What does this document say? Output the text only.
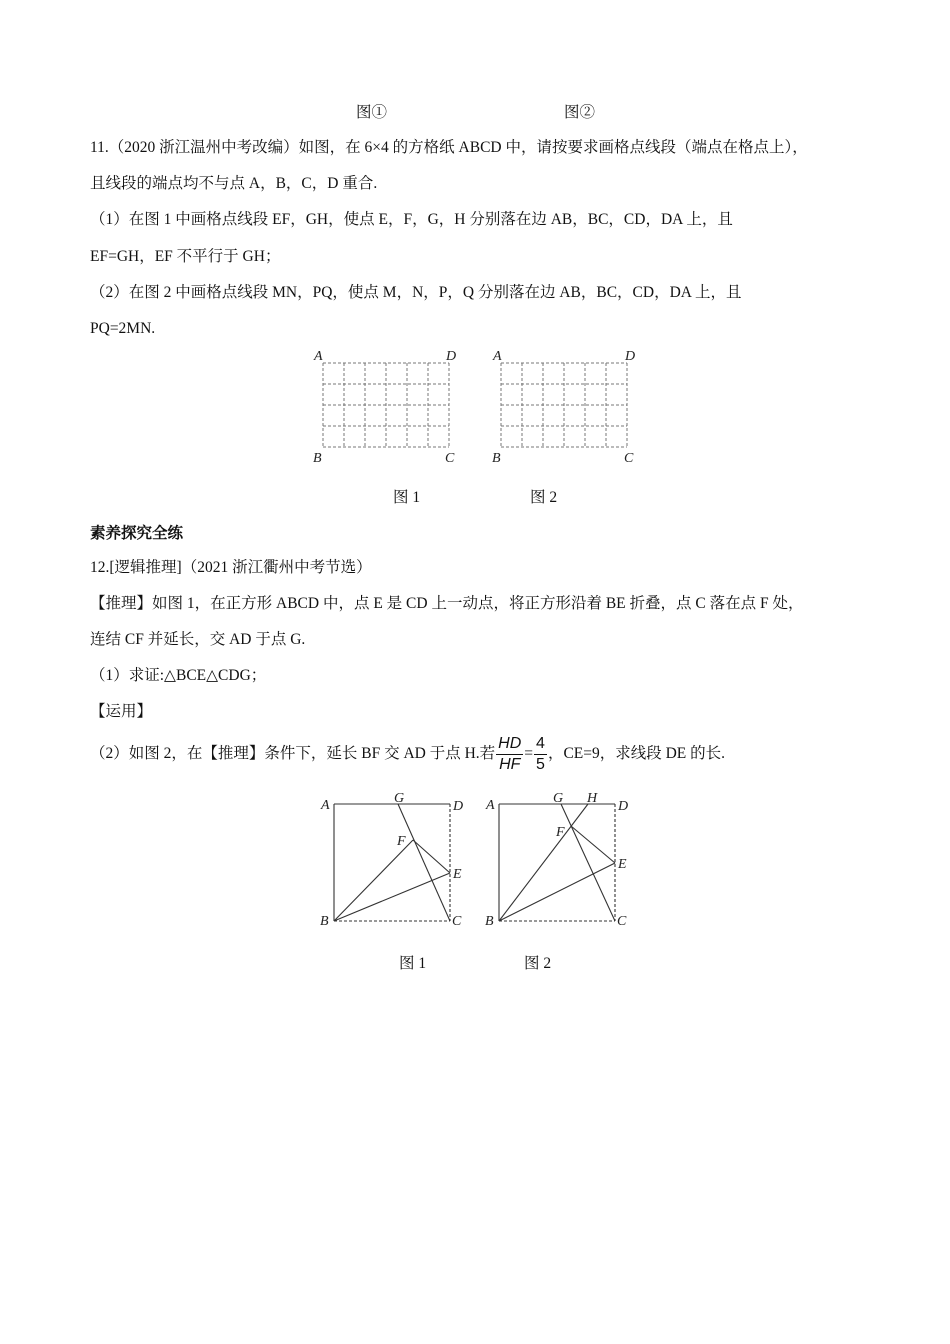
图①	图②
11.（2020 浙江温州中考改编）如图，在 6×4 的方格纸 ABCD 中，请按要求画格点线段（端点在格点上），
且线段的端点均不与点 A，B，C，D 重合.
（1）在图 1 中画格点线段 EF，GH，使点 E，F，G，H 分别落在边 AB，BC，CD，DA 上，且
EF=GH，EF 不平行于 GH；
（2）在图 2 中画格点线段 MN，PQ，使点 M，N，P，Q 分别落在边 AB，BC，CD，DA 上，且
PQ=2MN.
A	D
B	C
A	D
B	C
图 1	图 2
素养探究全练
12.[逻辑推理]（2021 浙江衢州中考节选）
【推理】如图 1，在正方形 ABCD 中，点 E 是 CD 上一动点，将正方形沿着 BE 折叠，点 C 落在点 F 处，
连结 CF 并延长，交 AD 于点 G.
（1）求证:△BCE△CDG；
【运用】
（2）如图 2，在【推理】条件下，延长 BF 交 AD 于点 H.若 $\frac{HD}{HF} = \frac{4}{5}$ ，CE=9，求线段 DE 的长.
A	G
D
F
E
B	C
A	G H
D
F
E
B	C
图 1	图 2
